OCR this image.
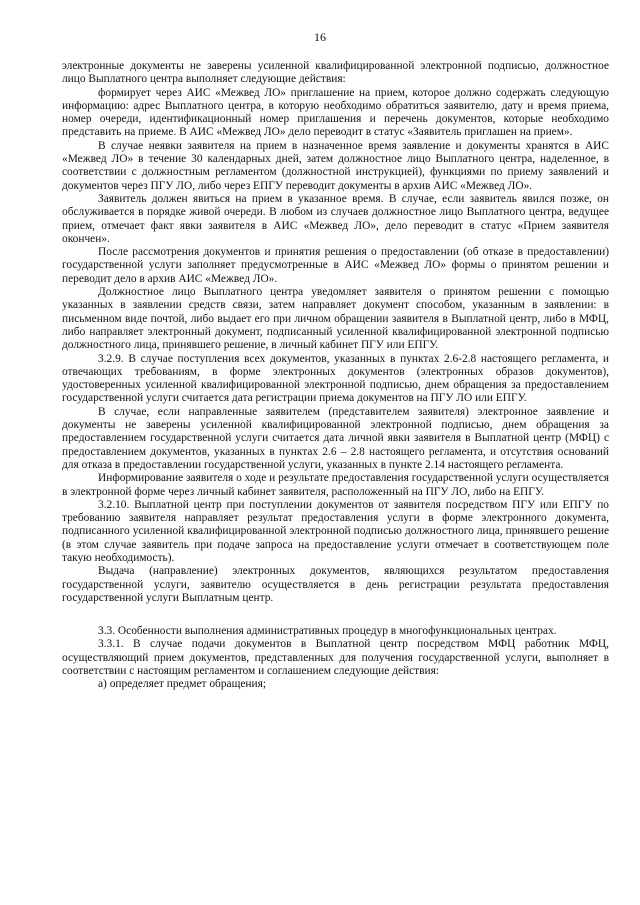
16

электронные документы не заверены усиленной квалифицированной электронной подписью, должностное лицо Выплатного центра выполняет следующие действия:

формирует через АИС «Межвед ЛО» приглашение на прием, которое должно содержать следующую информацию: адрес Выплатного центра, в которую необходимо обратиться заявителю, дату и время приема, номер очереди, идентификационный номер приглашения и перечень документов, которые необходимо представить на приеме. В АИС «Межвед ЛО» дело переводит в статус «Заявитель приглашен на прием».

В случае неявки заявителя на прием в назначенное время заявление и документы хранятся в АИС «Межвед ЛО» в течение 30 календарных дней, затем должностное лицо Выплатного центра, наделенное, в соответствии с должностным регламентом (должностной инструкцией), функциями по приему заявлений и документов через ПГУ ЛО, либо через ЕПГУ переводит документы в архив АИС «Межвед ЛО».

Заявитель должен явиться на прием в указанное время. В случае, если заявитель явился позже, он обслуживается в порядке живой очереди. В любом из случаев должностное лицо Выплатного центра, ведущее прием, отмечает факт явки заявителя в АИС «Межвед ЛО», дело переводит в статус «Прием заявителя окончен».

После рассмотрения документов и принятия решения о предоставлении (об отказе в предоставлении) государственной услуги заполняет предусмотренные в АИС «Межвед ЛО» формы о принятом решении и переводит дело в архив АИС «Межвед ЛО».

Должностное лицо Выплатного центра уведомляет заявителя о принятом решении с помощью указанных в заявлении средств связи, затем направляет документ способом, указанным в заявлении: в письменном виде почтой, либо выдает его при личном обращении заявителя в Выплатной центр, либо в МФЦ, либо направляет электронный документ, подписанный усиленной квалифицированной электронной подписью должностного лица, принявшего решение, в личный кабинет ПГУ или ЕПГУ.

3.2.9. В случае поступления всех документов, указанных в пунктах 2.6-2.8 настоящего регламента, и отвечающих требованиям, в форме электронных документов (электронных образов документов), удостоверенных усиленной квалифицированной электронной подписью, днем обращения за предоставлением государственной услуги считается дата регистрации приема документов на ПГУ ЛО или ЕПГУ.

В случае, если направленные заявителем (представителем заявителя) электронное заявление и документы не заверены усиленной квалифицированной электронной подписью, днем обращения за предоставлением государственной услуги считается дата личной явки заявителя в Выплатной центр (МФЦ) с предоставлением документов, указанных в пунктах 2.6 – 2.8 настоящего регламента, и отсутствия оснований для отказа в предоставлении государственной услуги, указанных в пункте 2.14 настоящего регламента.

Информирование заявителя о ходе и результате предоставления государственной услуги осуществляется в электронной форме через личный кабинет заявителя, расположенный на ПГУ ЛО, либо на ЕПГУ.

3.2.10. Выплатной центр при поступлении документов от заявителя посредством ПГУ или ЕПГУ по требованию заявителя направляет результат предоставления услуги в форме электронного документа, подписанного усиленной квалифицированной электронной подписью должностного лица, принявшего решение (в этом случае заявитель при подаче запроса на предоставление услуги отмечает в соответствующем поле такую необходимость).

Выдача (направление) электронных документов, являющихся результатом предоставления государственной услуги, заявителю осуществляется в день регистрации результата предоставления государственной услуги Выплатным центр.

3.3. Особенности выполнения административных процедур в многофункциональных центрах.

3.3.1. В случае подачи документов в Выплатной центр посредством МФЦ работник МФЦ, осуществляющий прием документов, представленных для получения государственной услуги, выполняет в соответствии с настоящим регламентом и соглашением следующие действия:

а) определяет предмет обращения;
